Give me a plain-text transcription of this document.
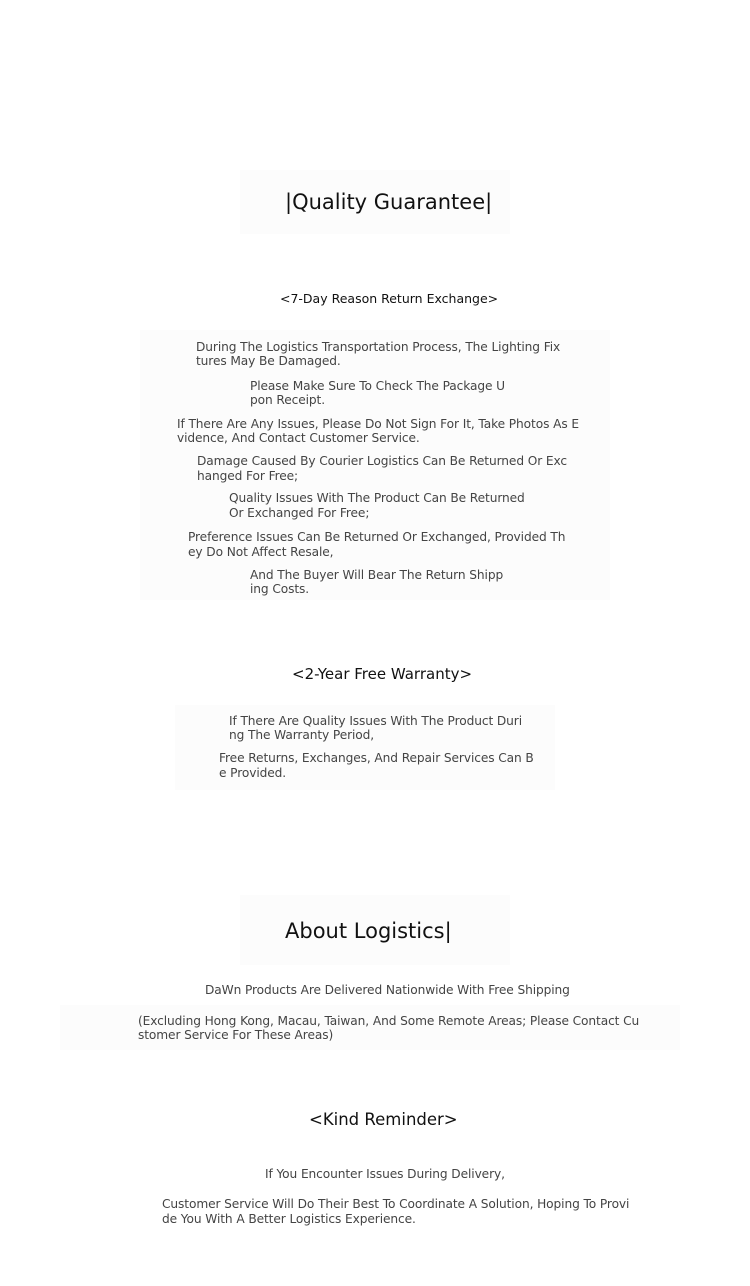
|Quality Guarantee|
<7-Day Reason Return Exchange>
During The Logistics Transportation Process, The Lighting Fix
tures May Be Damaged.
Please Make Sure To Check The Package U
pon Receipt.
If There Are Any Issues, Please Do Not Sign For It, Take Photos As E
vidence, And Contact Customer Service.
Damage Caused By Courier Logistics Can Be Returned Or Exc
hanged For Free;
Quality Issues With The Product Can Be Returned
Or Exchanged For Free;
Preference Issues Can Be Returned Or Exchanged, Provided Th
ey Do Not Affect Resale,
And The Buyer Will Bear The Return Shipp
ing Costs.
<2-Year Free Warranty>
If There Are Quality Issues With The Product Duri
ng The Warranty Period,
Free Returns, Exchanges, And Repair Services Can B
e Provided.
About Logistics|
DaWn Products Are Delivered Nationwide With Free Shipping
(Excluding Hong Kong, Macau, Taiwan, And Some Remote Areas; Please Contact Cu
stomer Service For These Areas)
<Kind Reminder>
If You Encounter Issues During Delivery,
Customer Service Will Do Their Best To Coordinate A Solution, Hoping To Provi
de You With A Better Logistics Experience.
